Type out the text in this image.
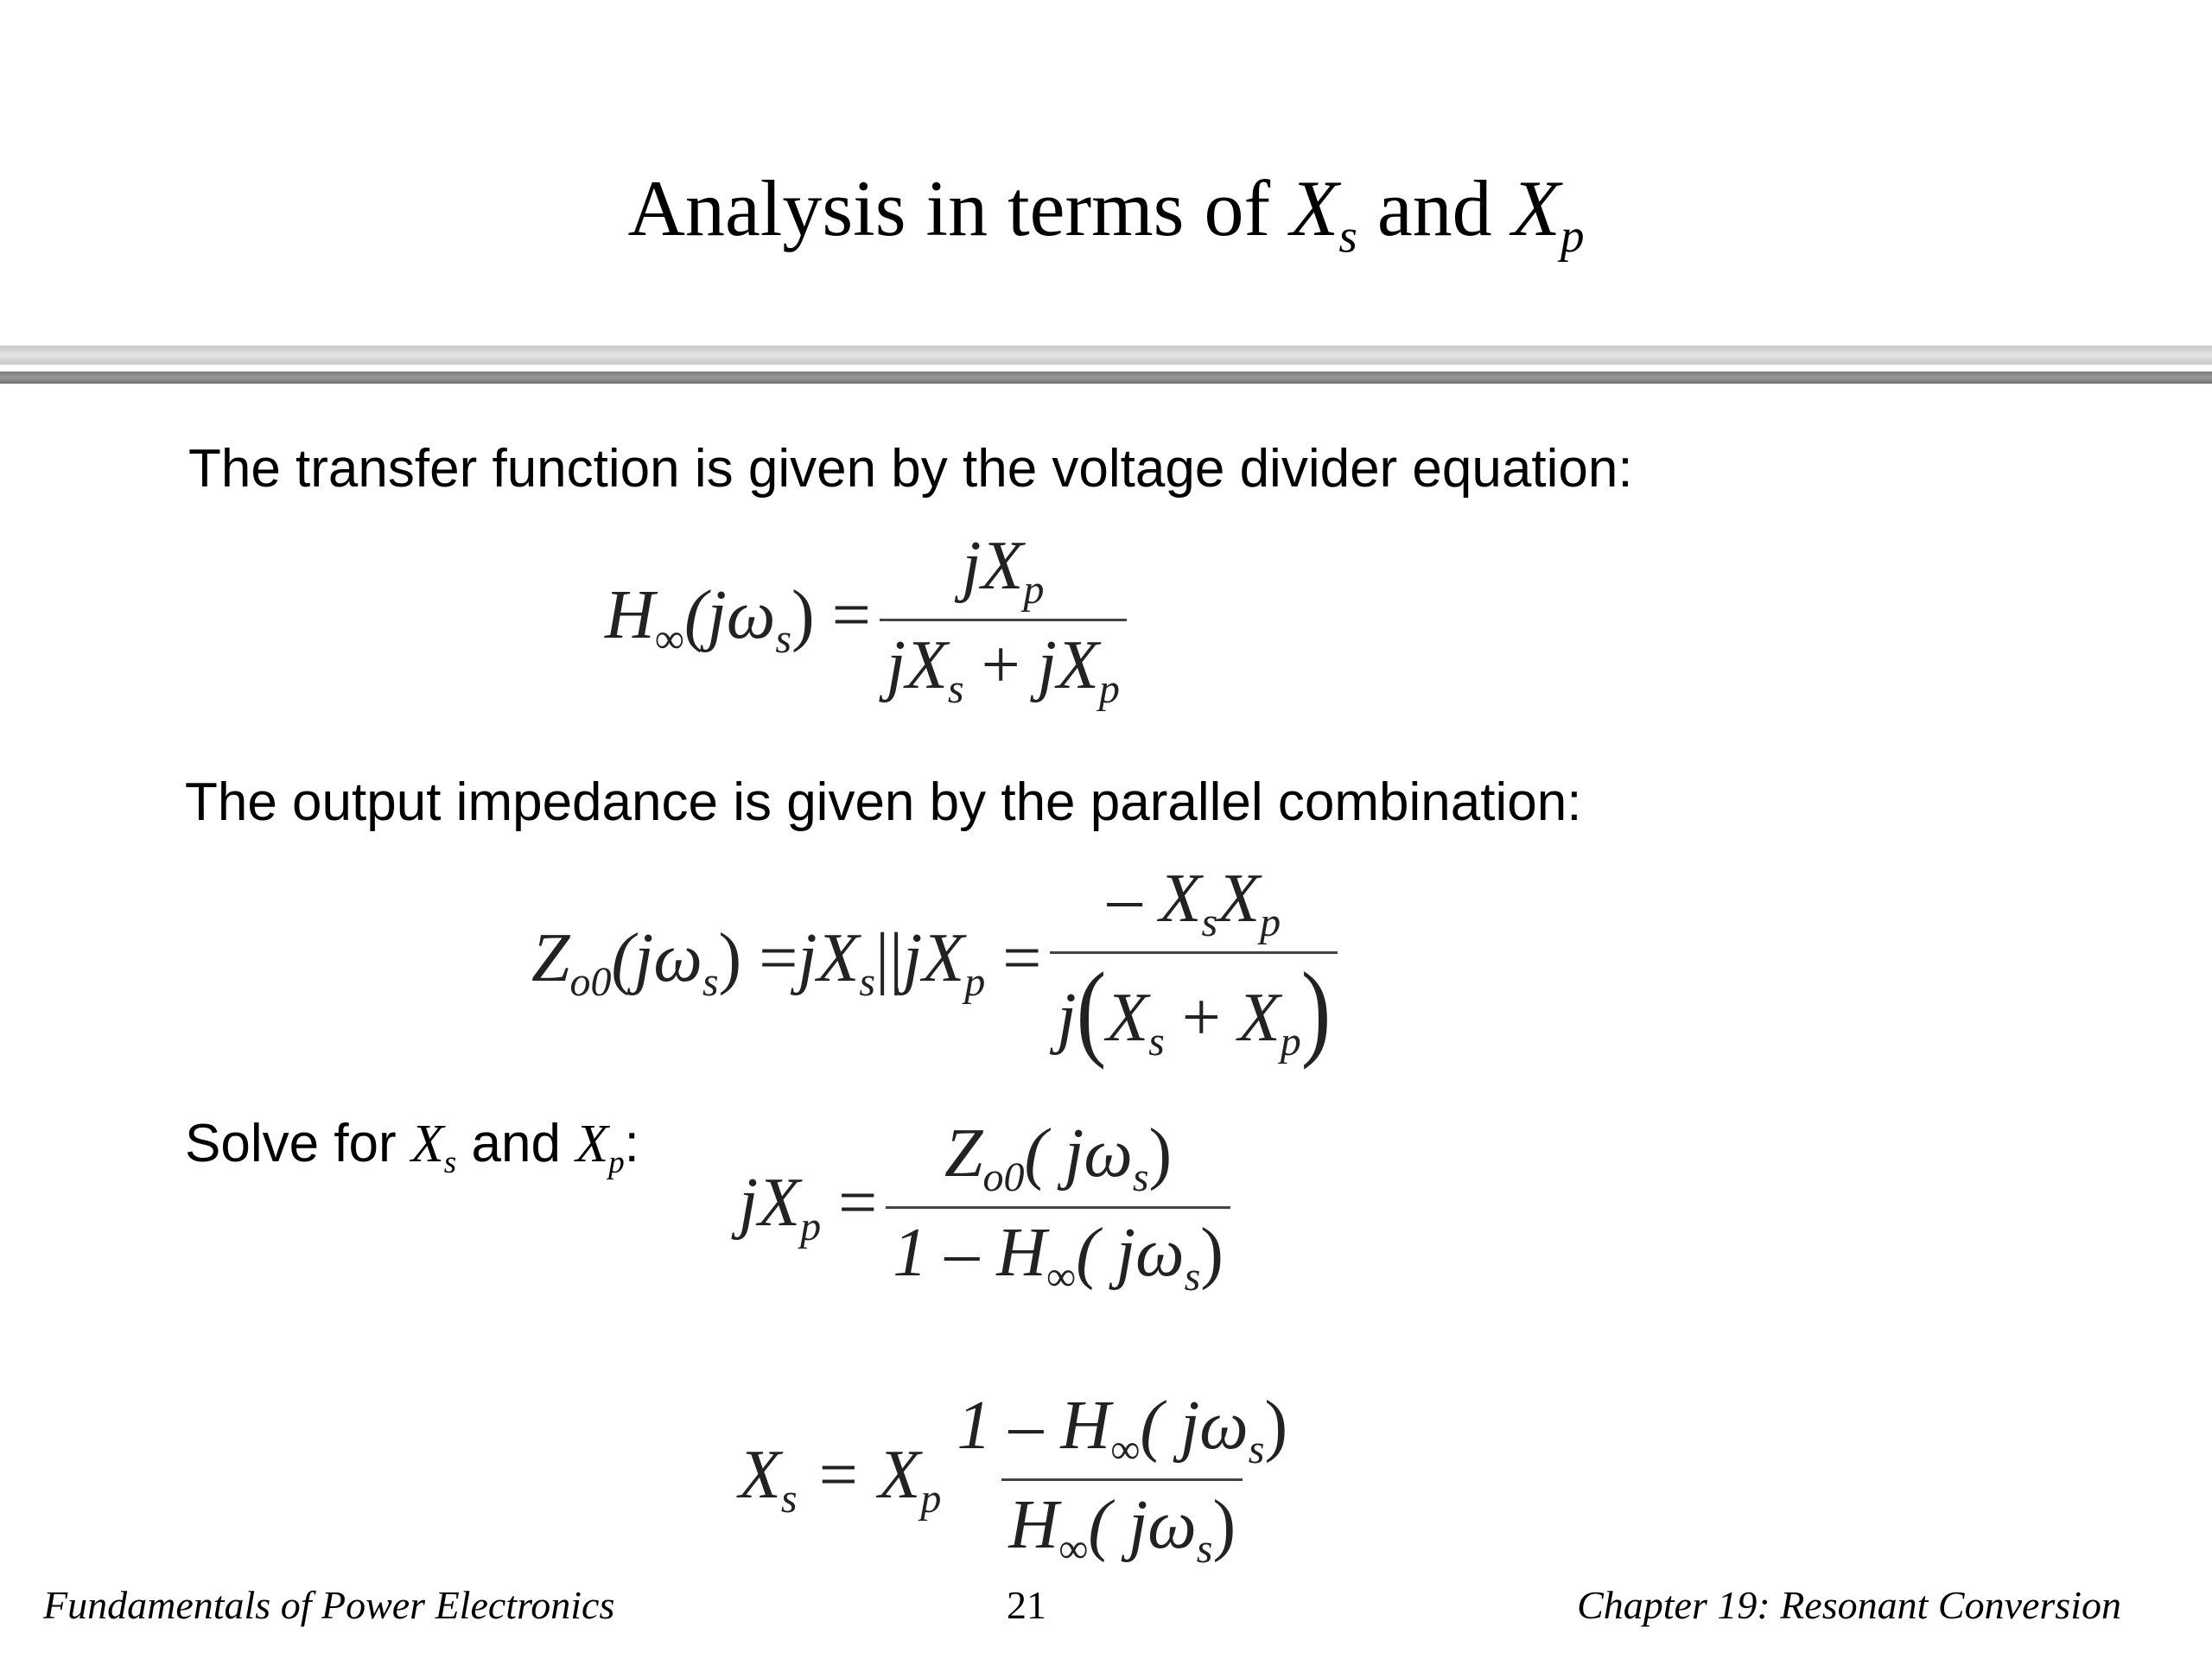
Analysis in terms of $X_s$ and $X_p$
The transfer function is given by the voltage divider equation:
$H_\infty(j\omega_s) = \frac{jX_p}{jX_s + jX_p}$
The output impedance is given by the parallel combination:
$Z_{o0}(j\omega_s) = jX_s||jX_p = \frac{- X_sX_p}{j(X_s + X_p)}$
Solve for $X_s$ and $X_p$:
$jX_p = \frac{Z_{o0}( j\omega_s)}{1 - H_\infty( j\omega_s)}$
$X_s = X_p \frac{1 - H_\infty( j\omega_s)}{H_\infty( j\omega_s)}$
Fundamentals of Power Electronics	21	Chapter 19: Resonant Conversion
